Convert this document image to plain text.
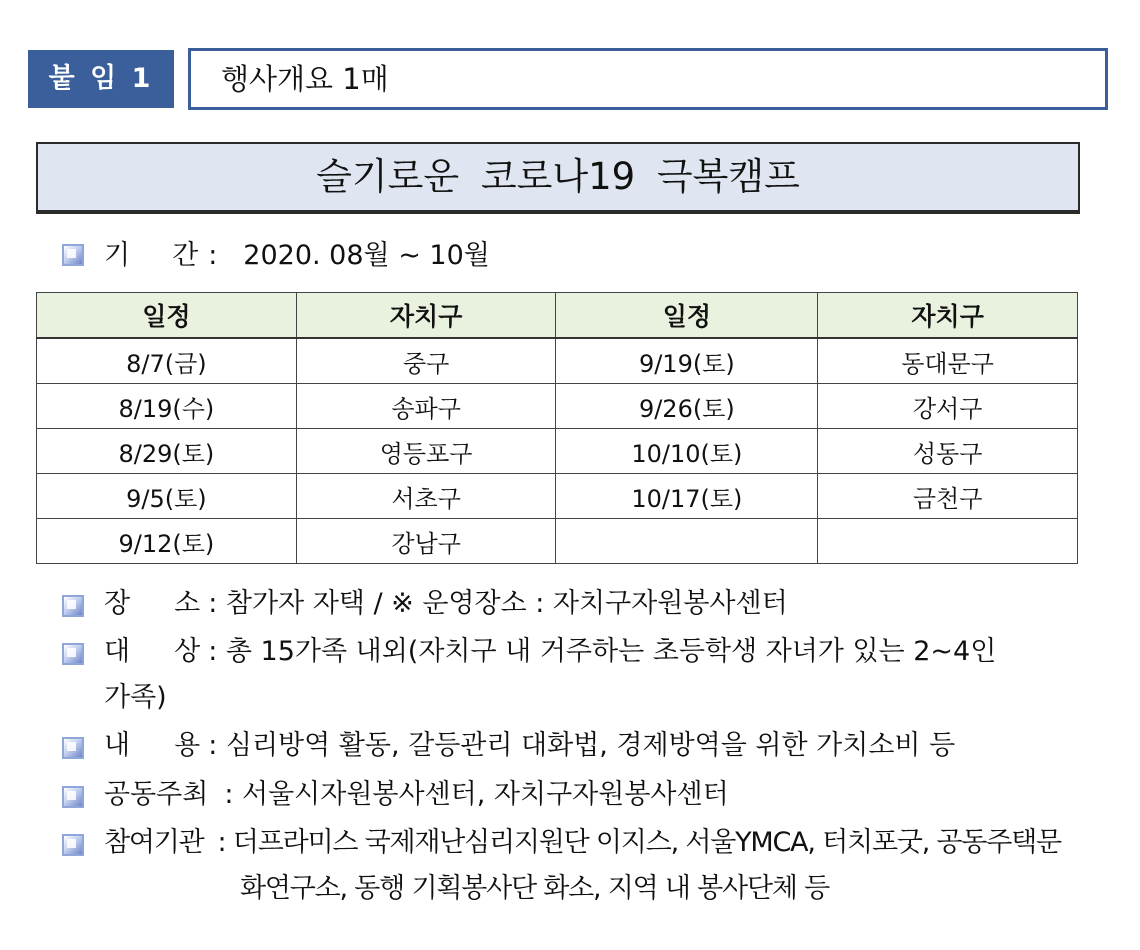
붙 임 1	행사개요 1매
슬기로운 코로나19 극복캠프
기 간 : 2020. 08월 ~ 10월
일정	자치구	일정	자치구
8/7(금)	중구	9/19(토)	동대문구
8/19(수)	송파구	9/26(토)	강서구
8/29(토)	영등포구	10/10(토)	성동구
9/5(토)	서초구	10/17(토)	금천구
9/12(토)	강남구		
장 소 : 참가자 자택 / ※ 운영장소 : 자치구자원봉사센터
대 상 : 총 15가족 내외(자치구 내 거주하는 초등학생 자녀가 있는 2~4인
가족)
내 용 : 심리방역 활동, 갈등관리 대화법, 경제방역을 위한 가치소비 등
공동주최 : 서울시자원봉사센터, 자치구자원봉사센터
참여기관 : 더프라미스 국제재난심리지원단 이지스, 서울YMCA, 터치포굿, 공동주택문
화연구소, 동행 기획봉사단 화소, 지역 내 봉사단체 등
